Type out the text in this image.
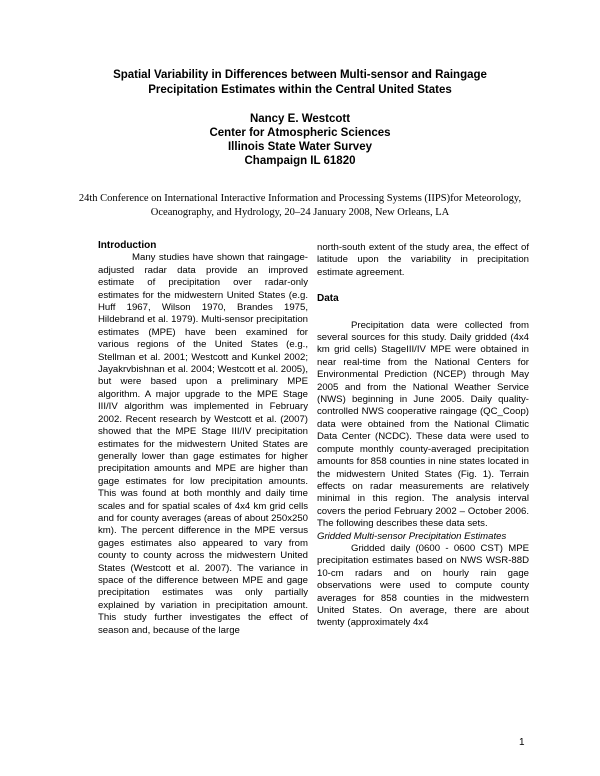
Spatial Variability in Differences between Multi-sensor and Raingage
Precipitation Estimates within the Central United States
Nancy E. Westcott
Center for Atmospheric Sciences
Illinois State Water Survey
Champaign IL 61820
24th Conference on International Interactive Information and Processing Systems (IIPS)for Meteorology,
Oceanography, and Hydrology, 20–24 January 2008, New Orleans, LA

Introduction

Many studies have shown that raingage-adjusted radar data provide an improved estimate of precipitation over radar-only estimates for the midwestern United States (e.g. Huff 1967, Wilson 1970, Brandes 1975, Hildebrand et al. 1979). Multi-sensor precipitation estimates (MPE) have been examined for various regions of the United States (e.g., Stellman et al. 2001; Westcott and Kunkel 2002; Jayakrvbishnan et al. 2004; Westcott et al. 2005), but were based upon a preliminary MPE algorithm. A major upgrade to the MPE Stage III/IV algorithm was implemented in February 2002. Recent research by Westcott et al. (2007) showed that the MPE Stage III/IV precipitation estimates for the midwestern United States are generally lower than gage estimates for higher precipitation amounts and MPE are higher than gage estimates for low precipitation amounts. This was found at both monthly and daily time scales and for spatial scales of 4x4 km grid cells and for county averages (areas of about 250x250 km). The percent difference in the MPE versus gages estimates also appeared to vary from county to county across the midwestern United States (Westcott et al. 2007). The variance in space of the difference between MPE and gage precipitation estimates was only partially explained by variation in precipitation amount. This study further investigates the effect of season and, because of the large

north-south extent of the study area, the effect of latitude upon the variability in precipitation estimate agreement.

Data

Precipitation data were collected from several sources for this study. Daily gridded (4x4 km grid cells) StageIII/IV MPE were obtained in near real-time from the National Centers for Environmental Prediction (NCEP) through May 2005 and from the National Weather Service (NWS) beginning in June 2005. Daily quality-controlled NWS cooperative raingage (QC_Coop) data were obtained from the National Climatic Data Center (NCDC). These data were used to compute monthly county-averaged precipitation amounts for 858 counties in nine states located in the midwestern United States (Fig. 1). Terrain effects on radar measurements are relatively minimal in this region. The analysis interval covers the period February 2002 – October 2006. The following describes these data sets.

Gridded Multi-sensor Precipitation Estimates

Gridded daily (0600 - 0600 CST) MPE precipitation estimates based on NWS WSR-88D 10-cm radars and on hourly rain gage observations were used to compute county averages for 858 counties in the midwestern United States. On average, there are about twenty (approximately 4x4

1
